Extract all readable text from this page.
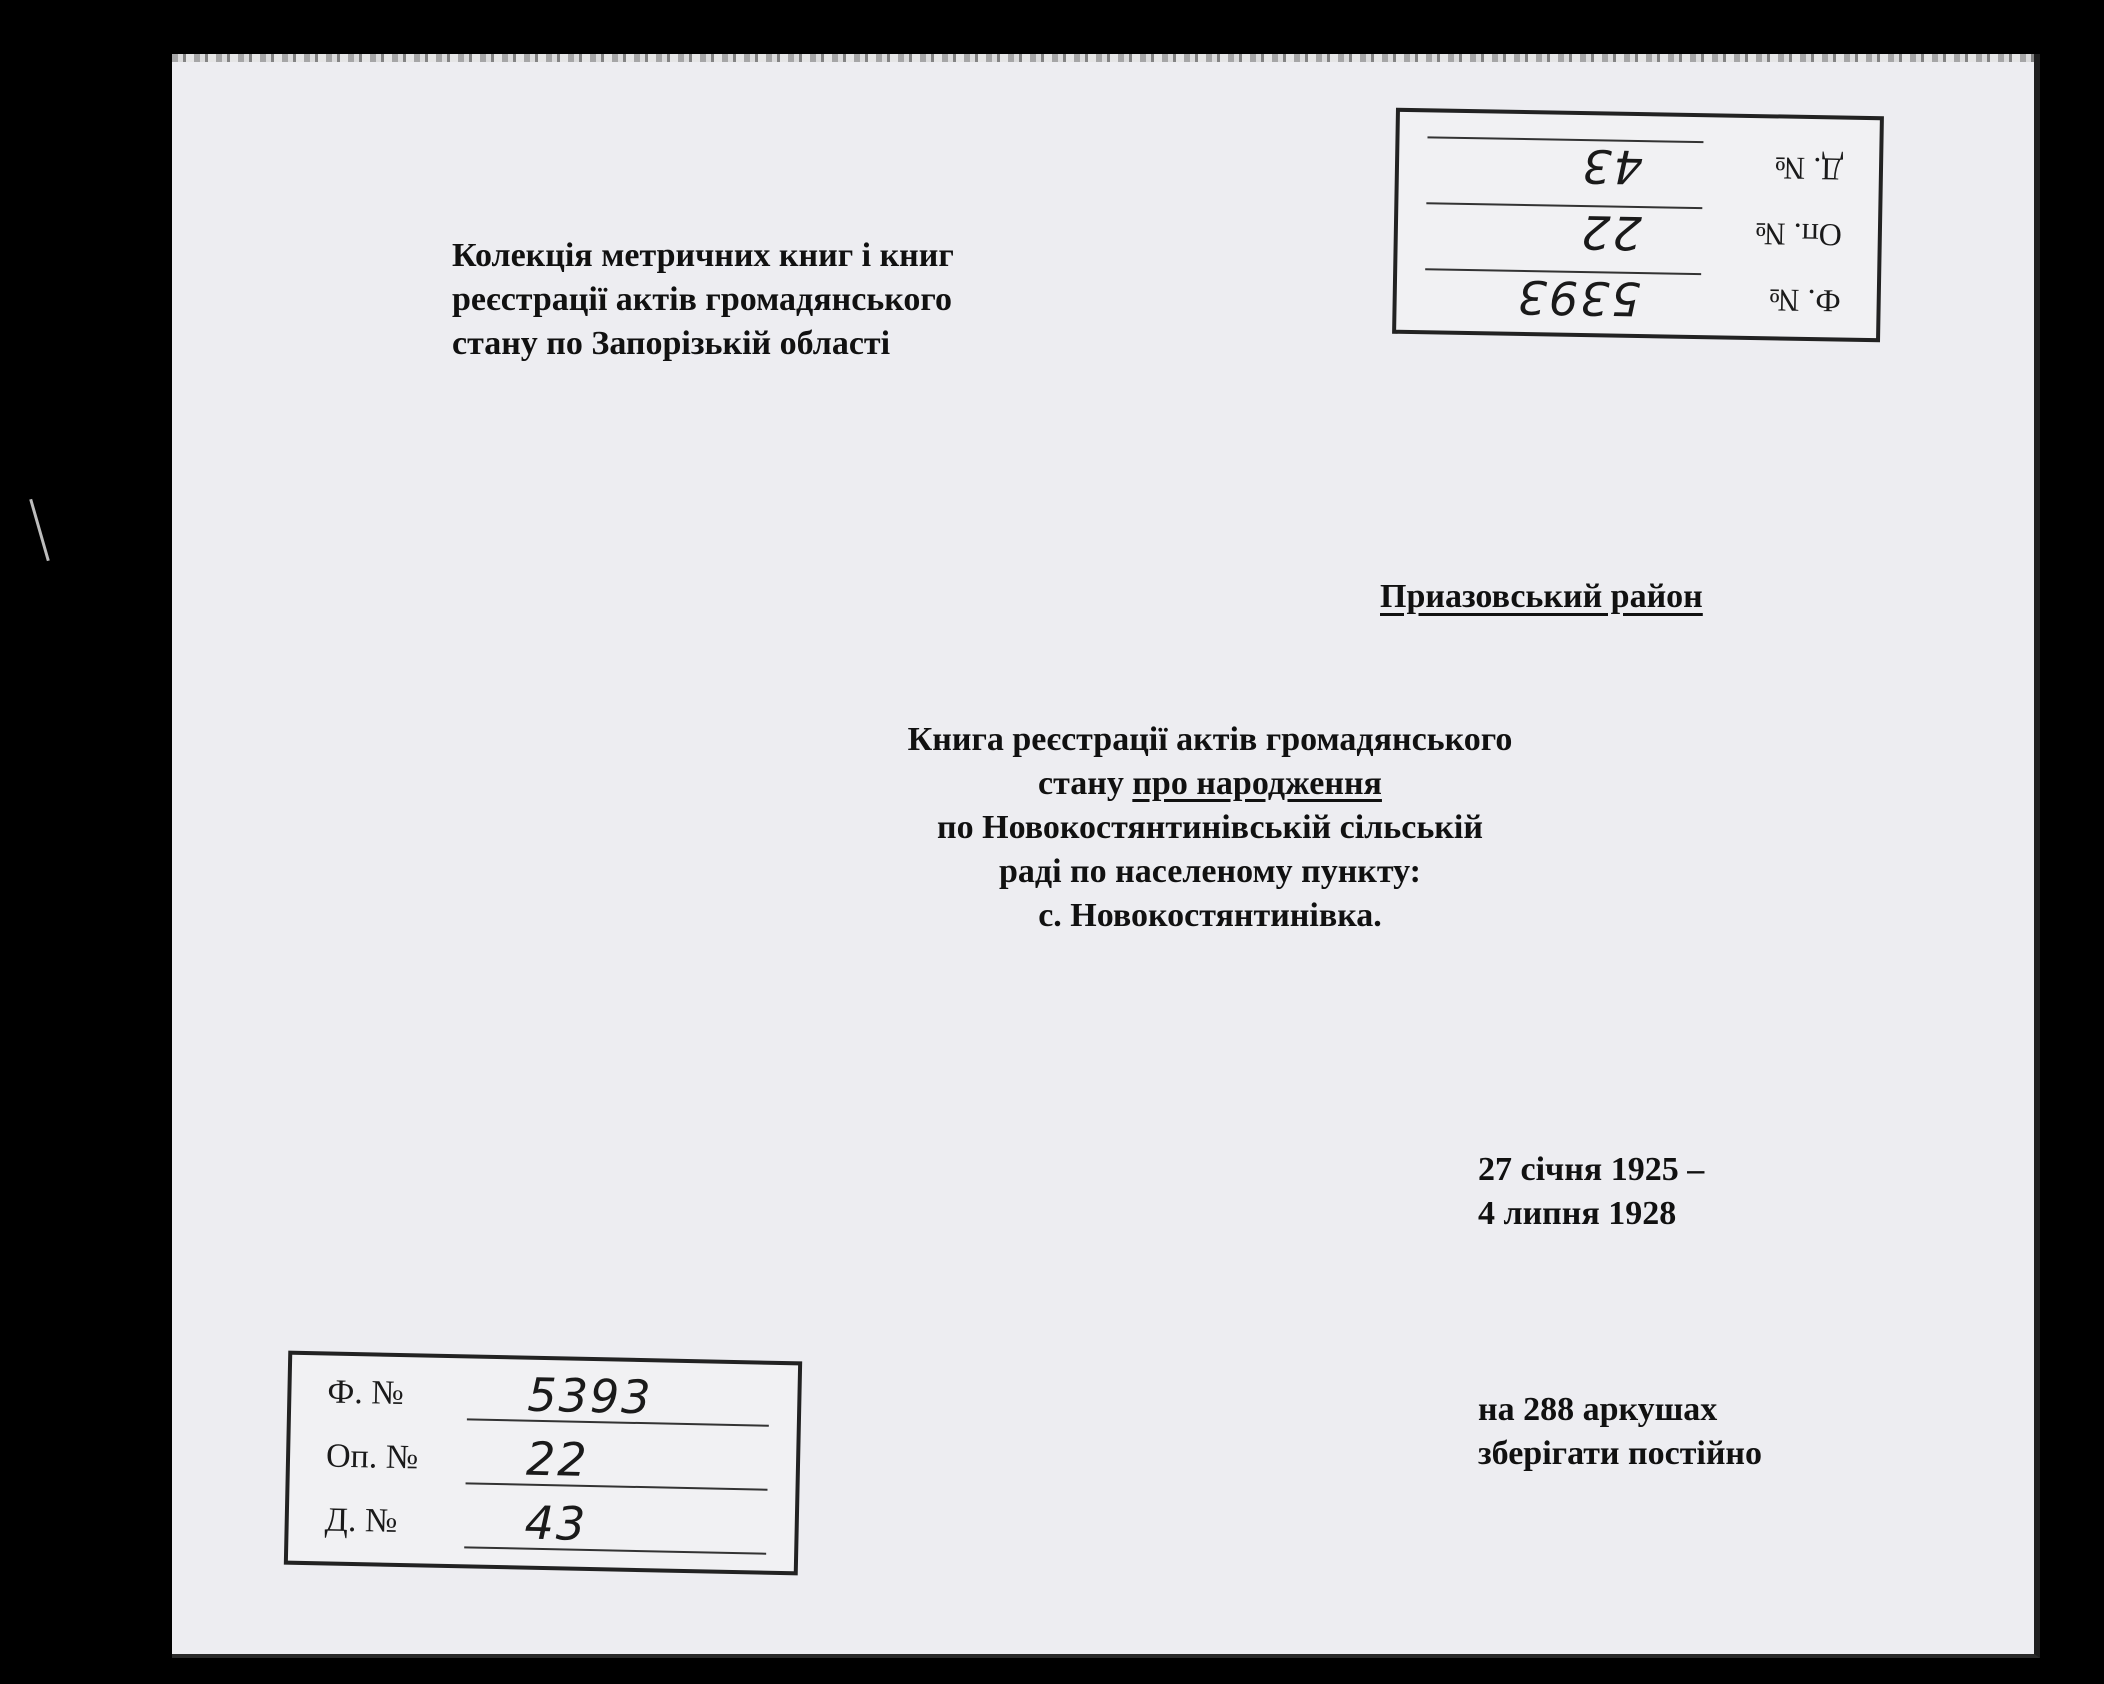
Колекція метричних книг і книг
реєстрації актів громадянського
стану по Запорізькій області
Приазовський район
Книга реєстрації актів громадянського
стану про народження
по Новокостянтинівській сільській
раді по населеному пункту:
с. Новокостянтинівка.
27 січня 1925 –
4 липня 1928
на 288 аркушах
зберігати постійно
Ф. №	5393
Оп. № 22
Д. №	43
Ф. №
5393
Оп. №
22
Д. №
43
